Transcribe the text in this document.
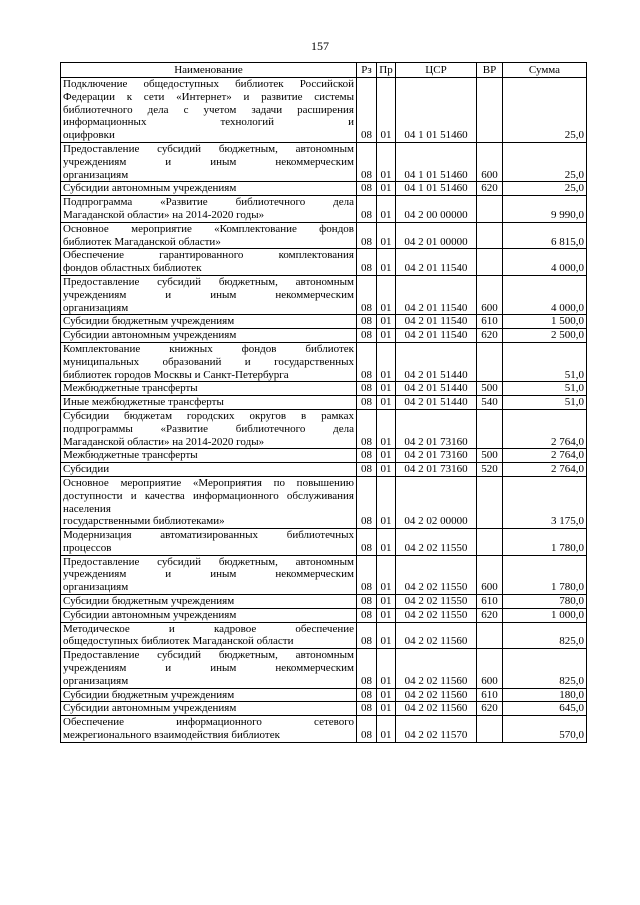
157
Наименование	Рз	Пр	ЦСР	ВР	Сумма
Подключение общедоступных библиотек Российской Федерации к сети «Интернет» и развитие системы библиотечного дела с учетом задачи расширения информационных технологий и
оцифровки	08	01	04 1 01 51460		25,0
Предоставление субсидий бюджетным, автономным учреждениям и иным некоммерческим
организациям	08	01	04 1 01 51460	600	25,0
Субсидии автономным учреждениям	08	01	04 1 01 51460	620	25,0
Подпрограмма «Развитие библиотечного дела
Магаданской области» на 2014-2020 годы»	08	01	04 2 00 00000		9 990,0
Основное мероприятие «Комплектование фондов
библиотек Магаданской области»	08	01	04 2 01 00000		6 815,0
Обеспечение гарантированного комплектования
фондов областных библиотек	08	01	04 2 01 11540		4 000,0
Предоставление субсидий бюджетным, автономным учреждениям и иным некоммерческим
организациям	08	01	04 2 01 11540	600	4 000,0
Субсидии бюджетным учреждениям	08	01	04 2 01 11540	610	1 500,0
Субсидии автономным учреждениям	08	01	04 2 01 11540	620	2 500,0
Комплектование книжных фондов библиотек муниципальных образований и государственных
библиотек городов Москвы и Санкт-Петербурга	08	01	04 2 01 51440		51,0
Межбюджетные трансферты	08	01	04 2 01 51440	500	51,0
Иные межбюджетные трансферты	08	01	04 2 01 51440	540	51,0
Субсидии бюджетам городских округов в рамках подпрограммы «Развитие библиотечного дела
Магаданской области» на 2014-2020 годы»	08	01	04 2 01 73160		2 764,0
Межбюджетные трансферты	08	01	04 2 01 73160	500	2 764,0
Субсидии	08	01	04 2 01 73160	520	2 764,0
Основное мероприятие «Мероприятия по повышению доступности и качества информационного обслуживания населения
государственными библиотеками»	08	01	04 2 02 00000		3 175,0
Модернизация автоматизированных библиотечных
процессов	08	01	04 2 02 11550		1 780,0
Предоставление субсидий бюджетным, автономным учреждениям и иным некоммерческим
организациям	08	01	04 2 02 11550	600	1 780,0
Субсидии бюджетным учреждениям	08	01	04 2 02 11550	610	780,0
Субсидии автономным учреждениям	08	01	04 2 02 11550	620	1 000,0
Методическое и кадровое обеспечение
общедоступных библиотек Магаданской области	08	01	04 2 02 11560		825,0
Предоставление субсидий бюджетным, автономным учреждениям и иным некоммерческим
организациям	08	01	04 2 02 11560	600	825,0
Субсидии бюджетным учреждениям	08	01	04 2 02 11560	610	180,0
Субсидии автономным учреждениям	08	01	04 2 02 11560	620	645,0
Обеспечение информационного сетевого
межрегионального взаимодействия библиотек	08	01	04 2 02 11570		570,0
